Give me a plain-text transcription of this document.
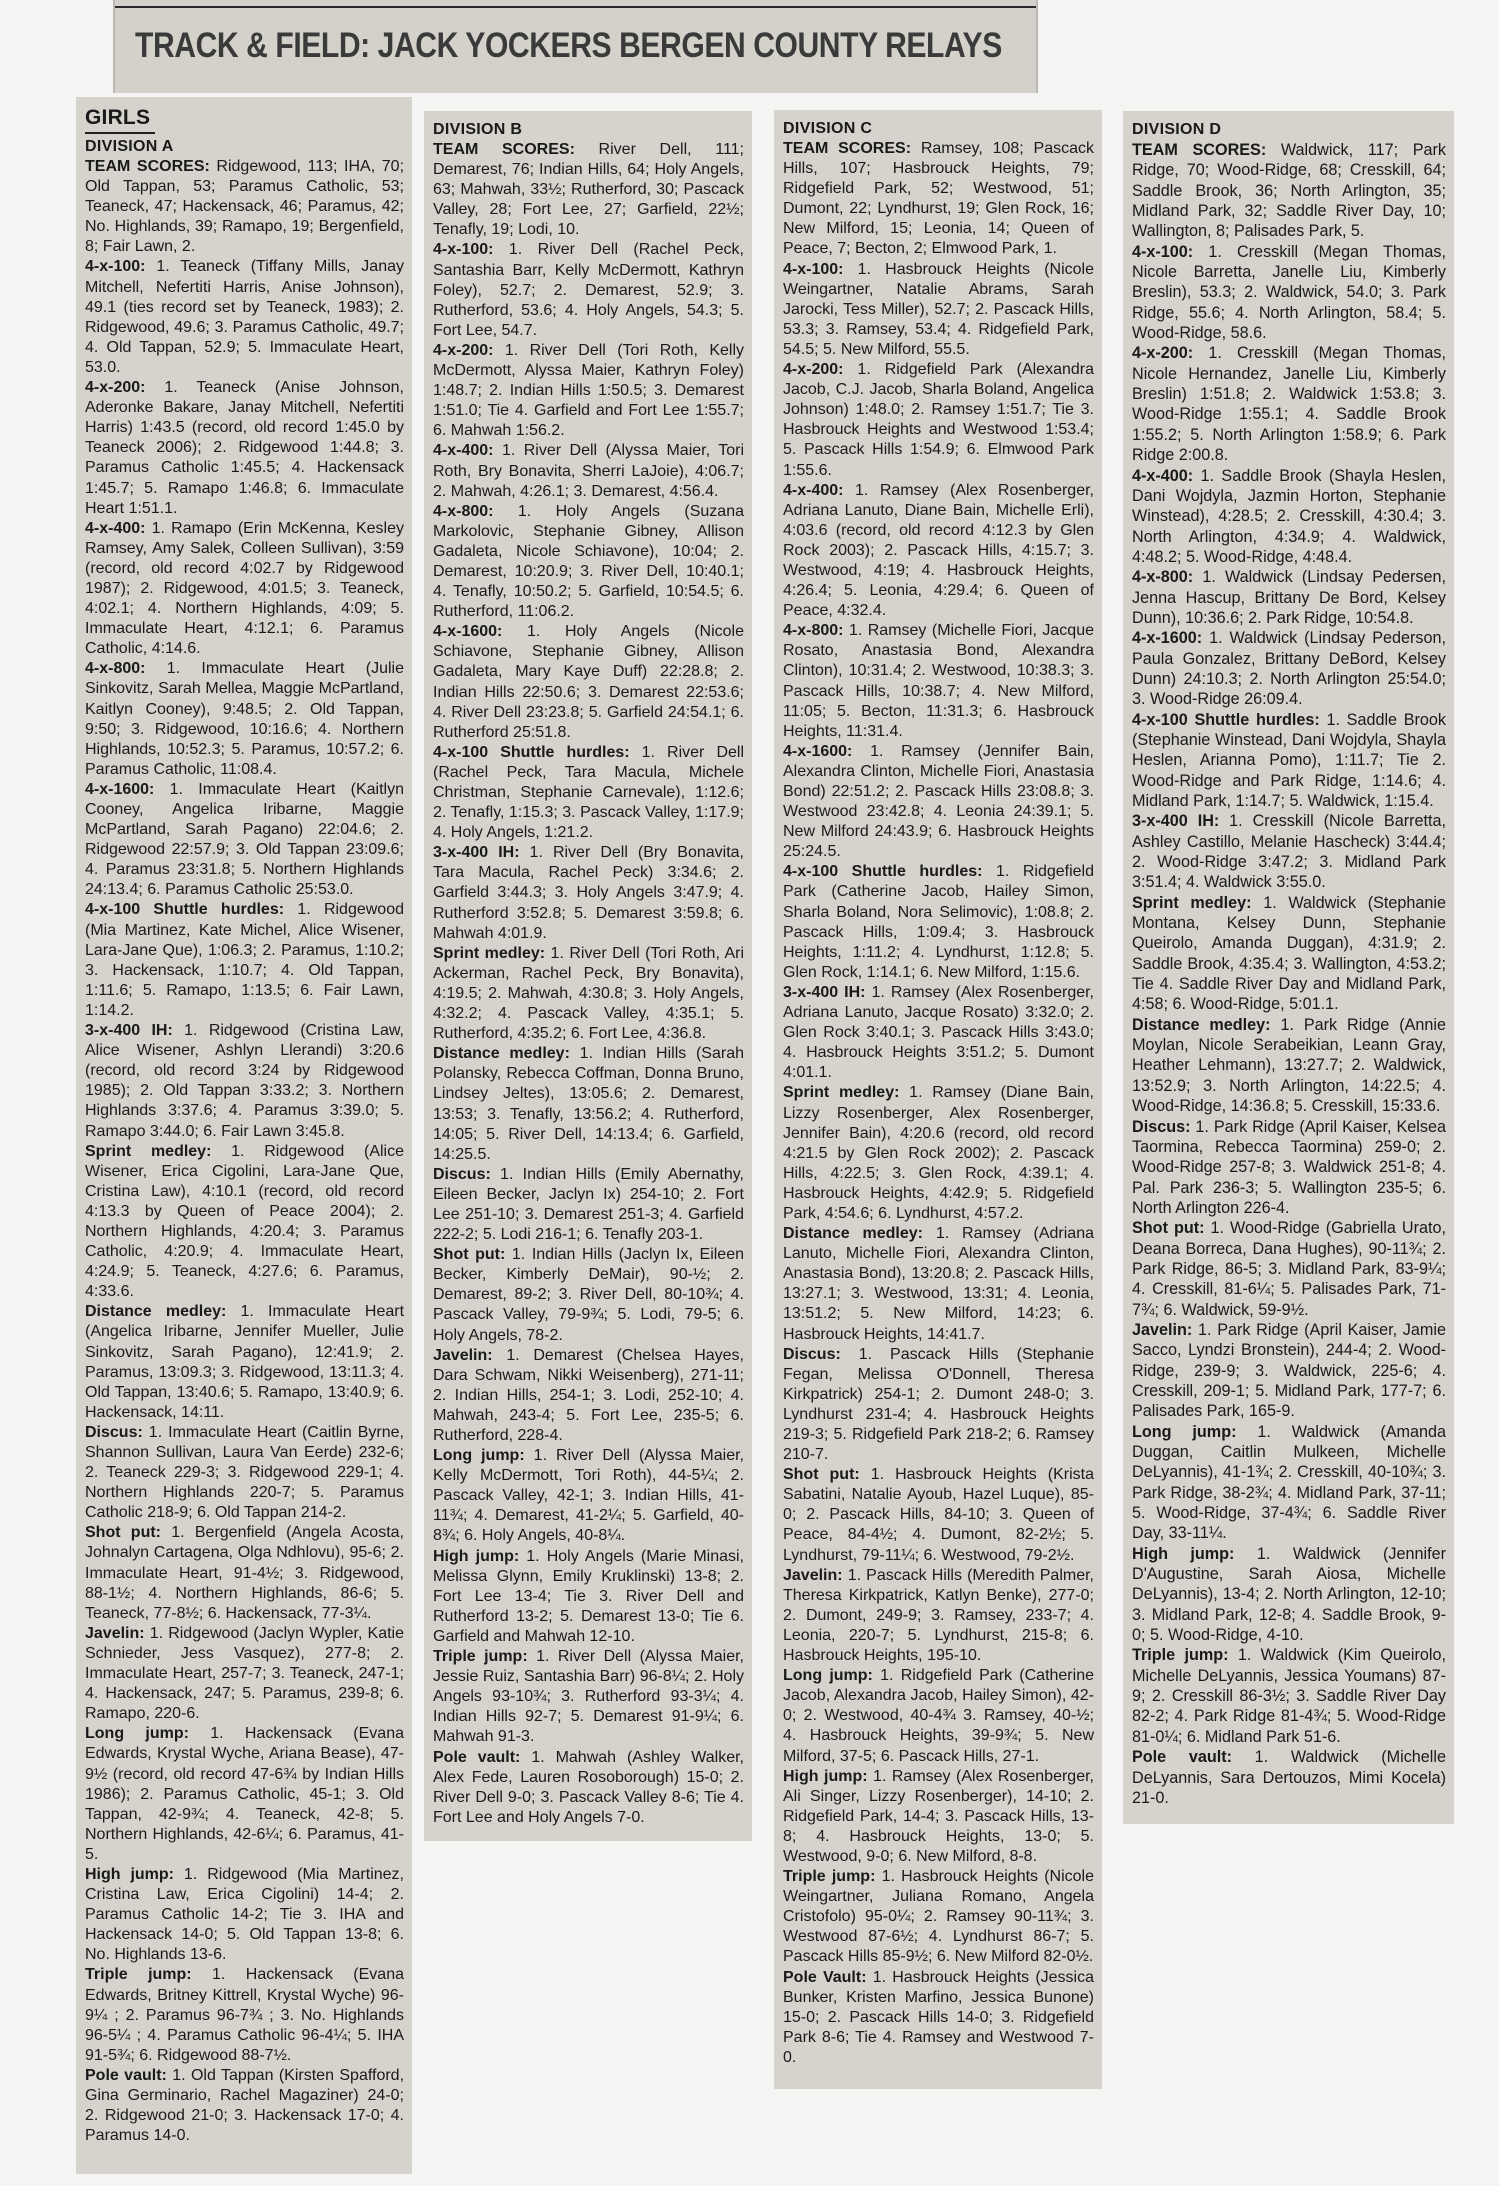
TRACK & FIELD: JACK YOCKERS BERGEN COUNTY RELAYS
GIRLS
DIVISION A

TEAM SCORES: Ridgewood, 113; IHA, 70; Old Tappan, 53; Paramus Catholic, 53; Teaneck, 47; Hackensack, 46; Paramus, 42; No. Highlands, 39; Ramapo, 19; Bergenfield, 8; Fair Lawn, 2.

4-x-100: 1. Teaneck (Tiffany Mills, Janay Mitchell, Nefertiti Harris, Anise Johnson), 49.1 (ties record set by Teaneck, 1983); 2. Ridgewood, 49.6; 3. Paramus Catholic, 49.7; 4. Old Tappan, 52.9; 5. Immaculate Heart, 53.0.

4-x-200: 1. Teaneck (Anise Johnson, Aderonke Bakare, Janay Mitchell, Nefertiti Harris) 1:43.5 (record, old record 1:45.0 by Teaneck 2006); 2. Ridgewood 1:44.8; 3. Paramus Catholic 1:45.5; 4. Hackensack 1:45.7; 5. Ramapo 1:46.8; 6. Immaculate Heart 1:51.1.

4-x-400: 1. Ramapo (Erin McKenna, Kesley Ramsey, Amy Salek, Colleen Sullivan), 3:59 (record, old record 4:02.7 by Ridgewood 1987); 2. Ridgewood, 4:01.5; 3. Teaneck, 4:02.1; 4. Northern Highlands, 4:09; 5. Immaculate Heart, 4:12.1; 6. Paramus Catholic, 4:14.6.

4-x-800: 1. Immaculate Heart (Julie Sinkovitz, Sarah Mellea, Maggie McPartland, Kaitlyn Cooney), 9:48.5; 2. Old Tappan, 9:50; 3. Ridgewood, 10:16.6; 4. Northern Highlands, 10:52.3; 5. Paramus, 10:57.2; 6. Paramus Catholic, 11:08.4.

4-x-1600: 1. Immaculate Heart (Kaitlyn Cooney, Angelica Iribarne, Maggie McPartland, Sarah Pagano) 22:04.6; 2. Ridgewood 22:57.9; 3. Old Tappan 23:09.6; 4. Paramus 23:31.8; 5. Northern Highlands 24:13.4; 6. Paramus Catholic 25:53.0.

4-x-100 Shuttle hurdles: 1. Ridgewood (Mia Martinez, Kate Michel, Alice Wisener, Lara-Jane Que), 1:06.3; 2. Paramus, 1:10.2; 3. Hackensack, 1:10.7; 4. Old Tappan, 1:11.6; 5. Ramapo, 1:13.5; 6. Fair Lawn, 1:14.2.

3-x-400 IH: 1. Ridgewood (Cristina Law, Alice Wisener, Ashlyn Llerandi) 3:20.6 (record, old record 3:24 by Ridgewood 1985); 2. Old Tappan 3:33.2; 3. Northern Highlands 3:37.6; 4. Paramus 3:39.0; 5. Ramapo 3:44.0; 6. Fair Lawn 3:45.8.

Sprint medley: 1. Ridgewood (Alice Wisener, Erica Cigolini, Lara-Jane Que, Cristina Law), 4:10.1 (record, old record 4:13.3 by Queen of Peace 2004); 2. Northern Highlands, 4:20.4; 3. Paramus Catholic, 4:20.9; 4. Immaculate Heart, 4:24.9; 5. Teaneck, 4:27.6; 6. Paramus, 4:33.6.

Distance medley: 1. Immaculate Heart (Angelica Iribarne, Jennifer Mueller, Julie Sinkovitz, Sarah Pagano), 12:41.9; 2. Paramus, 13:09.3; 3. Ridgewood, 13:11.3; 4. Old Tappan, 13:40.6; 5. Ramapo, 13:40.9; 6. Hackensack, 14:11.

Discus: 1. Immaculate Heart (Caitlin Byrne, Shannon Sullivan, Laura Van Eerde) 232-6; 2. Teaneck 229-3; 3. Ridgewood 229-1; 4. Northern Highlands 220-7; 5. Paramus Catholic 218-9; 6. Old Tappan 214-2.

Shot put: 1. Bergenfield (Angela Acosta, Johnalyn Cartagena, Olga Ndhlovu), 95-6; 2. Immaculate Heart, 91-4½; 3. Ridgewood, 88-1½; 4. Northern Highlands, 86-6; 5. Teaneck, 77-8½; 6. Hackensack, 77-3¼.

Javelin: 1. Ridgewood (Jaclyn Wypler, Katie Schnieder, Jess Vasquez), 277-8; 2. Immaculate Heart, 257-7; 3. Teaneck, 247-1; 4. Hackensack, 247; 5. Paramus, 239-8; 6. Ramapo, 220-6.

Long jump: 1. Hackensack (Evana Edwards, Krystal Wyche, Ariana Bease), 47-9½ (record, old record 47-6¾ by Indian Hills 1986); 2. Paramus Catholic, 45-1; 3. Old Tappan, 42-9¾; 4. Teaneck, 42-8; 5. Northern Highlands, 42-6¼; 6. Paramus, 41-5.

High jump: 1. Ridgewood (Mia Martinez, Cristina Law, Erica Cigolini) 14-4; 2. Paramus Catholic 14-2; Tie 3. IHA and Hackensack 14-0; 5. Old Tappan 13-8; 6. No. Highlands 13-6.

Triple jump: 1. Hackensack (Evana Edwards, Britney Kittrell, Krystal Wyche) 96-9¼ ; 2. Paramus 96-7¾ ; 3. No. Highlands 96-5¼ ; 4. Paramus Catholic 96-4¼; 5. IHA 91-5¾; 6. Ridgewood 88-7½.

Pole vault: 1. Old Tappan (Kirsten Spafford, Gina Germinario, Rachel Magaziner) 24-0; 2. Ridgewood 21-0; 3. Hackensack 17-0; 4. Paramus 14-0.

DIVISION B

TEAM SCORES: River Dell, 111; Demarest, 76; Indian Hills, 64; Holy Angels, 63; Mahwah, 33½; Rutherford, 30; Pascack Valley, 28; Fort Lee, 27; Garfield, 22½; Tenafly, 19; Lodi, 10.

4-x-100: 1. River Dell (Rachel Peck, Santashia Barr, Kelly McDermott, Kathryn Foley), 52.7; 2. Demarest, 52.9; 3. Rutherford, 53.6; 4. Holy Angels, 54.3; 5. Fort Lee, 54.7.

4-x-200: 1. River Dell (Tori Roth, Kelly McDermott, Alyssa Maier, Kathryn Foley) 1:48.7; 2. Indian Hills 1:50.5; 3. Demarest 1:51.0; Tie 4. Garfield and Fort Lee 1:55.7; 6. Mahwah 1:56.2.

4-x-400: 1. River Dell (Alyssa Maier, Tori Roth, Bry Bonavita, Sherri LaJoie), 4:06.7; 2. Mahwah, 4:26.1; 3. Demarest, 4:56.4.

4-x-800: 1. Holy Angels (Suzana Markolovic, Stephanie Gibney, Allison Gadaleta, Nicole Schiavone), 10:04; 2. Demarest, 10:20.9; 3. River Dell, 10:40.1; 4. Tenafly, 10:50.2; 5. Garfield, 10:54.5; 6. Rutherford, 11:06.2.

4-x-1600: 1. Holy Angels (Nicole Schiavone, Stephanie Gibney, Allison Gadaleta, Mary Kaye Duff) 22:28.8; 2. Indian Hills 22:50.6; 3. Demarest 22:53.6; 4. River Dell 23:23.8; 5. Garfield 24:54.1; 6. Rutherford 25:51.8.

4-x-100 Shuttle hurdles: 1. River Dell (Rachel Peck, Tara Macula, Michele Christman, Stephanie Carnevale), 1:12.6; 2. Tenafly, 1:15.3; 3. Pascack Valley, 1:17.9; 4. Holy Angels, 1:21.2.

3-x-400 IH: 1. River Dell (Bry Bonavita, Tara Macula, Rachel Peck) 3:34.6; 2. Garfield 3:44.3; 3. Holy Angels 3:47.9; 4. Rutherford 3:52.8; 5. Demarest 3:59.8; 6. Mahwah 4:01.9.

Sprint medley: 1. River Dell (Tori Roth, Ari Ackerman, Rachel Peck, Bry Bonavita), 4:19.5; 2. Mahwah, 4:30.8; 3. Holy Angels, 4:32.2; 4. Pascack Valley, 4:35.1; 5. Rutherford, 4:35.2; 6. Fort Lee, 4:36.8.

Distance medley: 1. Indian Hills (Sarah Polansky, Rebecca Coffman, Donna Bruno, Lindsey Jeltes), 13:05.6; 2. Demarest, 13:53; 3. Tenafly, 13:56.2; 4. Rutherford, 14:05; 5. River Dell, 14:13.4; 6. Garfield, 14:25.5.

Discus: 1. Indian Hills (Emily Abernathy, Eileen Becker, Jaclyn Ix) 254-10; 2. Fort Lee 251-10; 3. Demarest 251-3; 4. Garfield 222-2; 5. Lodi 216-1; 6. Tenafly 203-1.

Shot put: 1. Indian Hills (Jaclyn Ix, Eileen Becker, Kimberly DeMair), 90-½; 2. Demarest, 89-2; 3. River Dell, 80-10¾; 4. Pascack Valley, 79-9¾; 5. Lodi, 79-5; 6. Holy Angels, 78-2.

Javelin: 1. Demarest (Chelsea Hayes, Dara Schwam, Nikki Weisenberg), 271-11; 2. Indian Hills, 254-1; 3. Lodi, 252-10; 4. Mahwah, 243-4; 5. Fort Lee, 235-5; 6. Rutherford, 228-4.

Long jump: 1. River Dell (Alyssa Maier, Kelly McDermott, Tori Roth), 44-5¼; 2. Pascack Valley, 42-1; 3. Indian Hills, 41-11¾; 4. Demarest, 41-2¼; 5. Garfield, 40-8¾; 6. Holy Angels, 40-8¼.

High jump: 1. Holy Angels (Marie Minasi, Melissa Glynn, Emily Kruklinski) 13-8; 2. Fort Lee 13-4; Tie 3. River Dell and Rutherford 13-2; 5. Demarest 13-0; Tie 6. Garfield and Mahwah 12-10.

Triple jump: 1. River Dell (Alyssa Maier, Jessie Ruiz, Santashia Barr) 96-8¼; 2. Holy Angels 93-10¾; 3. Rutherford 93-3¼; 4. Indian Hills 92-7; 5. Demarest 91-9¼; 6. Mahwah 91-3.

Pole vault: 1. Mahwah (Ashley Walker, Alex Fede, Lauren Rosoborough) 15-0; 2. River Dell 9-0; 3. Pascack Valley 8-6; Tie 4. Fort Lee and Holy Angels 7-0.

DIVISION C

TEAM SCORES: Ramsey, 108; Pascack Hills, 107; Hasbrouck Heights, 79; Ridgefield Park, 52; Westwood, 51; Dumont, 22; Lyndhurst, 19; Glen Rock, 16; New Milford, 15; Leonia, 14; Queen of Peace, 7; Becton, 2; Elmwood Park, 1.

4-x-100: 1. Hasbrouck Heights (Nicole Weingartner, Natalie Abrams, Sarah Jarocki, Tess Miller), 52.7; 2. Pascack Hills, 53.3; 3. Ramsey, 53.4; 4. Ridgefield Park, 54.5; 5. New Milford, 55.5.

4-x-200: 1. Ridgefield Park (Alexandra Jacob, C.J. Jacob, Sharla Boland, Angelica Johnson) 1:48.0; 2. Ramsey 1:51.7; Tie 3. Hasbrouck Heights and Westwood 1:53.4; 5. Pascack Hills 1:54.9; 6. Elmwood Park 1:55.6.

4-x-400: 1. Ramsey (Alex Rosenberger, Adriana Lanuto, Diane Bain, Michelle Erli), 4:03.6 (record, old record 4:12.3 by Glen Rock 2003); 2. Pascack Hills, 4:15.7; 3. Westwood, 4:19; 4. Hasbrouck Heights, 4:26.4; 5. Leonia, 4:29.4; 6. Queen of Peace, 4:32.4.

4-x-800: 1. Ramsey (Michelle Fiori, Jacque Rosato, Anastasia Bond, Alexandra Clinton), 10:31.4; 2. Westwood, 10:38.3; 3. Pascack Hills, 10:38.7; 4. New Milford, 11:05; 5. Becton, 11:31.3; 6. Hasbrouck Heights, 11:31.4.

4-x-1600: 1. Ramsey (Jennifer Bain, Alexandra Clinton, Michelle Fiori, Anastasia Bond) 22:51.2; 2. Pascack Hills 23:08.8; 3. Westwood 23:42.8; 4. Leonia 24:39.1; 5. New Milford 24:43.9; 6. Hasbrouck Heights 25:24.5.

4-x-100 Shuttle hurdles: 1. Ridgefield Park (Catherine Jacob, Hailey Simon, Sharla Boland, Nora Selimovic), 1:08.8; 2. Pascack Hills, 1:09.4; 3. Hasbrouck Heights, 1:11.2; 4. Lyndhurst, 1:12.8; 5. Glen Rock, 1:14.1; 6. New Milford, 1:15.6.

3-x-400 IH: 1. Ramsey (Alex Rosenberger, Adriana Lanuto, Jacque Rosato) 3:32.0; 2. Glen Rock 3:40.1; 3. Pascack Hills 3:43.0; 4. Hasbrouck Heights 3:51.2; 5. Dumont 4:01.1.

Sprint medley: 1. Ramsey (Diane Bain, Lizzy Rosenberger, Alex Rosenberger, Jennifer Bain), 4:20.6 (record, old record 4:21.5 by Glen Rock 2002); 2. Pascack Hills, 4:22.5; 3. Glen Rock, 4:39.1; 4. Hasbrouck Heights, 4:42.9; 5. Ridgefield Park, 4:54.6; 6. Lyndhurst, 4:57.2.

Distance medley: 1. Ramsey (Adriana Lanuto, Michelle Fiori, Alexandra Clinton, Anastasia Bond), 13:20.8; 2. Pascack Hills, 13:27.1; 3. Westwood, 13:31; 4. Leonia, 13:51.2; 5. New Milford, 14:23; 6. Hasbrouck Heights, 14:41.7.

Discus: 1. Pascack Hills (Stephanie Fegan, Melissa O'Donnell, Theresa Kirkpatrick) 254-1; 2. Dumont 248-0; 3. Lyndhurst 231-4; 4. Hasbrouck Heights 219-3; 5. Ridgefield Park 218-2; 6. Ramsey 210-7.

Shot put: 1. Hasbrouck Heights (Krista Sabatini, Natalie Ayoub, Hazel Luque), 85-0; 2. Pascack Hills, 84-10; 3. Queen of Peace, 84-4½; 4. Dumont, 82-2½; 5. Lyndhurst, 79-11¼; 6. Westwood, 79-2½.

Javelin: 1. Pascack Hills (Meredith Palmer, Theresa Kirkpatrick, Katlyn Benke), 277-0; 2. Dumont, 249-9; 3. Ramsey, 233-7; 4. Leonia, 220-7; 5. Lyndhurst, 215-8; 6. Hasbrouck Heights, 195-10.

Long jump: 1. Ridgefield Park (Catherine Jacob, Alexandra Jacob, Hailey Simon), 42-0; 2. Westwood, 40-4¾ 3. Ramsey, 40-½; 4. Hasbrouck Heights, 39-9¾; 5. New Milford, 37-5; 6. Pascack Hills, 27-1.

High jump: 1. Ramsey (Alex Rosenberger, Ali Singer, Lizzy Rosenberger), 14-10; 2. Ridgefield Park, 14-4; 3. Pascack Hills, 13-8; 4. Hasbrouck Heights, 13-0; 5. Westwood, 9-0; 6. New Milford, 8-8.

Triple jump: 1. Hasbrouck Heights (Nicole Weingartner, Juliana Romano, Angela Cristofolo) 95-0¼; 2. Ramsey 90-11¾; 3. Westwood 87-6½; 4. Lyndhurst 86-7; 5. Pascack Hills 85-9½; 6. New Milford 82-0½.

Pole Vault: 1. Hasbrouck Heights (Jessica Bunker, Kristen Marfino, Jessica Bunone) 15-0; 2. Pascack Hills 14-0; 3. Ridgefield Park 8-6; Tie 4. Ramsey and Westwood 7-0.

DIVISION D

TEAM SCORES: Waldwick, 117; Park Ridge, 70; Wood-Ridge, 68; Cresskill, 64; Saddle Brook, 36; North Arlington, 35; Midland Park, 32; Saddle River Day, 10; Wallington, 8; Palisades Park, 5.

4-x-100: 1. Cresskill (Megan Thomas, Nicole Barretta, Janelle Liu, Kimberly Breslin), 53.3; 2. Waldwick, 54.0; 3. Park Ridge, 55.6; 4. North Arlington, 58.4; 5. Wood-Ridge, 58.6.

4-x-200: 1. Cresskill (Megan Thomas, Nicole Hernandez, Janelle Liu, Kimberly Breslin) 1:51.8; 2. Waldwick 1:53.8; 3. Wood-Ridge 1:55.1; 4. Saddle Brook 1:55.2; 5. North Arlington 1:58.9; 6. Park Ridge 2:00.8.

4-x-400: 1. Saddle Brook (Shayla Heslen, Dani Wojdyla, Jazmin Horton, Stephanie Winstead), 4:28.5; 2. Cresskill, 4:30.4; 3. North Arlington, 4:34.9; 4. Waldwick, 4:48.2; 5. Wood-Ridge, 4:48.4.

4-x-800: 1. Waldwick (Lindsay Pedersen, Jenna Hascup, Brittany De Bord, Kelsey Dunn), 10:36.6; 2. Park Ridge, 10:54.8.

4-x-1600: 1. Waldwick (Lindsay Pederson, Paula Gonzalez, Brittany DeBord, Kelsey Dunn) 24:10.3; 2. North Arlington 25:54.0; 3. Wood-Ridge 26:09.4.

4-x-100 Shuttle hurdles: 1. Saddle Brook (Stephanie Winstead, Dani Wojdyla, Shayla Heslen, Arianna Pomo), 1:11.7; Tie 2. Wood-Ridge and Park Ridge, 1:14.6; 4. Midland Park, 1:14.7; 5. Waldwick, 1:15.4.

3-x-400 IH: 1. Cresskill (Nicole Barretta, Ashley Castillo, Melanie Hascheck) 3:44.4; 2. Wood-Ridge 3:47.2; 3. Midland Park 3:51.4; 4. Waldwick 3:55.0.

Sprint medley: 1. Waldwick (Stephanie Montana, Kelsey Dunn, Stephanie Queirolo, Amanda Duggan), 4:31.9; 2. Saddle Brook, 4:35.4; 3. Wallington, 4:53.2; Tie 4. Saddle River Day and Midland Park, 4:58; 6. Wood-Ridge, 5:01.1.

Distance medley: 1. Park Ridge (Annie Moylan, Nicole Serabeikian, Leann Gray, Heather Lehmann), 13:27.7; 2. Waldwick, 13:52.9; 3. North Arlington, 14:22.5; 4. Wood-Ridge, 14:36.8; 5. Cresskill, 15:33.6.

Discus: 1. Park Ridge (April Kaiser, Kelsea Taormina, Rebecca Taormina) 259-0; 2. Wood-Ridge 257-8; 3. Waldwick 251-8; 4. Pal. Park 236-3; 5. Wallington 235-5; 6. North Arlington 226-4.

Shot put: 1. Wood-Ridge (Gabriella Urato, Deana Borreca, Dana Hughes), 90-11¾; 2. Park Ridge, 86-5; 3. Midland Park, 83-9¼; 4. Cresskill, 81-6¼; 5. Palisades Park, 71-7¾; 6. Waldwick, 59-9½.

Javelin: 1. Park Ridge (April Kaiser, Jamie Sacco, Lyndzi Bronstein), 244-4; 2. Wood-Ridge, 239-9; 3. Waldwick, 225-6; 4. Cresskill, 209-1; 5. Midland Park, 177-7; 6. Palisades Park, 165-9.

Long jump: 1. Waldwick (Amanda Duggan, Caitlin Mulkeen, Michelle DeLyannis), 41-1¾; 2. Cresskill, 40-10¾; 3. Park Ridge, 38-2¾; 4. Midland Park, 37-11; 5. Wood-Ridge, 37-4¾; 6. Saddle River Day, 33-11¼.

High jump: 1. Waldwick (Jennifer D'Augustine, Sarah Aiosa, Michelle DeLyannis), 13-4; 2. North Arlington, 12-10; 3. Midland Park, 12-8; 4. Saddle Brook, 9-0; 5. Wood-Ridge, 4-10.

Triple jump: 1. Waldwick (Kim Queirolo, Michelle DeLyannis, Jessica Youmans) 87-9; 2. Cresskill 86-3½; 3. Saddle River Day 82-2; 4. Park Ridge 81-4¾; 5. Wood-Ridge 81-0¼; 6. Midland Park 51-6.

Pole vault: 1. Waldwick (Michelle DeLyannis, Sara Dertouzos, Mimi Kocela) 21-0.
